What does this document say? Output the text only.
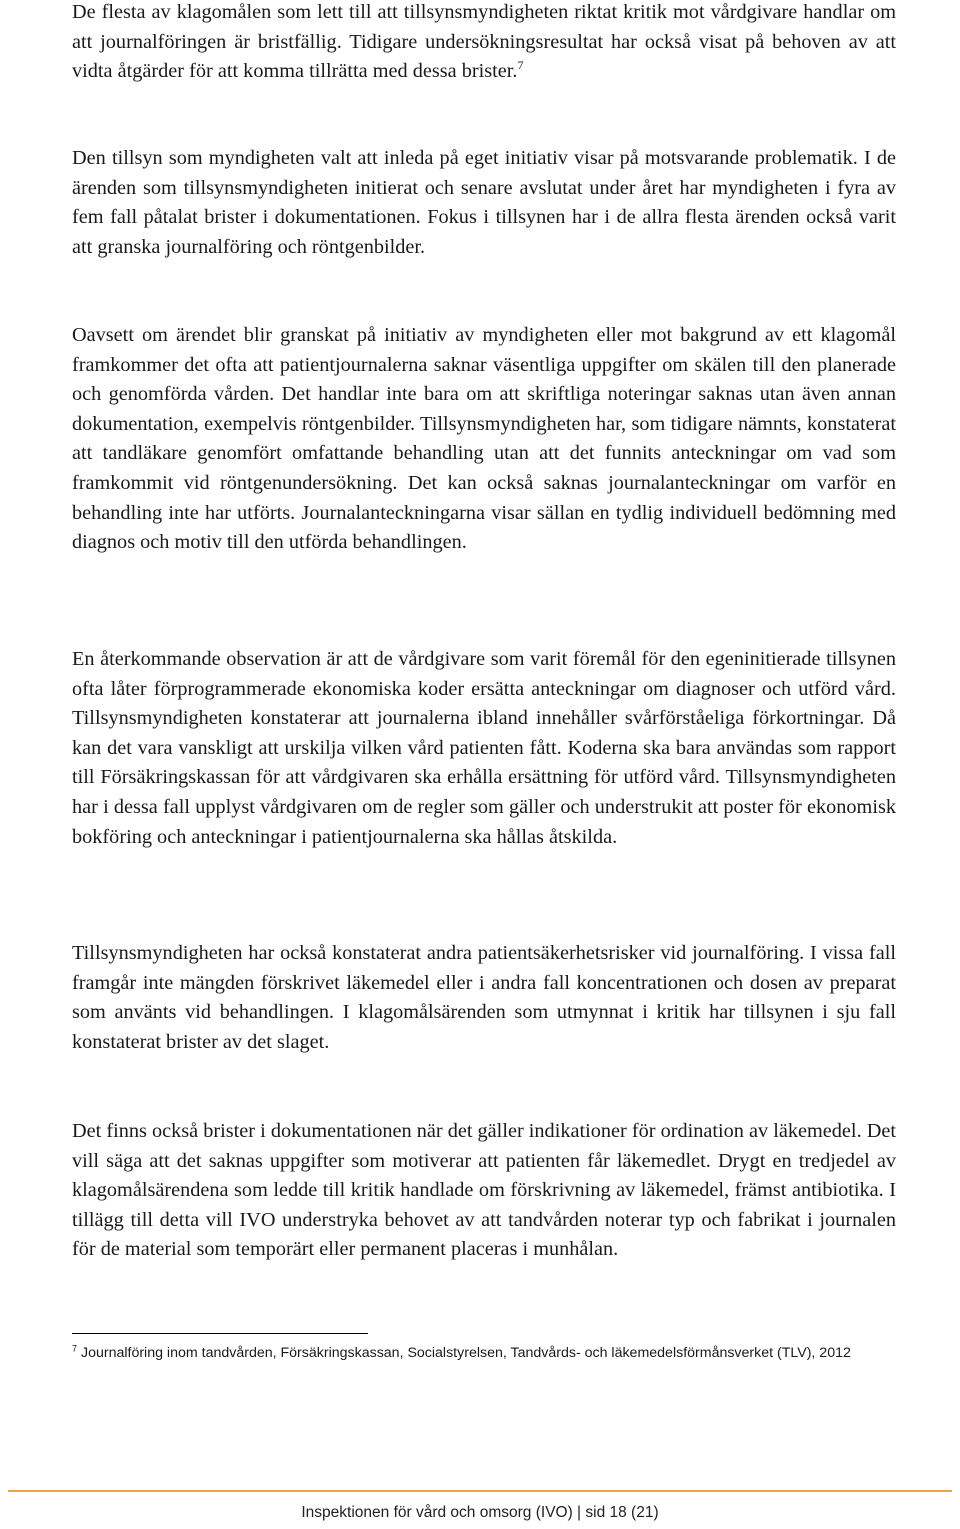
De flesta av klagomålen som lett till att tillsynsmyndigheten riktat kritik mot vårdgivare handlar om att journalföringen är bristfällig. Tidigare undersökningsresultat har också visat på behoven av att vidta åtgärder för att komma tillrätta med dessa brister.$^7$

Den tillsyn som myndigheten valt att inleda på eget initiativ visar på motsvarande problematik. I de ärenden som tillsynsmyndigheten initierat och senare avslutat under året har myndigheten i fyra av fem fall påtalat brister i dokumentationen. Fokus i tillsynen har i de allra flesta ärenden också varit att granska journalföring och röntgenbilder.

Oavsett om ärendet blir granskat på initiativ av myndigheten eller mot bakgrund av ett klagomål framkommer det ofta att patientjournalerna saknar väsentliga uppgifter om skälen till den planerade och genomförda vården. Det handlar inte bara om att skriftliga noteringar saknas utan även annan dokumentation, exempelvis röntgenbilder. Tillsynsmyndigheten har, som tidigare nämnts, konstaterat att tandläkare genomfört omfattande behandling utan att det funnits anteckningar om vad som framkommit vid röntgenundersökning. Det kan också saknas journalanteckningar om varför en behandling inte har utförts. Journalanteckningarna visar sällan en tydlig individuell bedömning med diagnos och motiv till den utförda behandlingen.

En återkommande observation är att de vårdgivare som varit föremål för den egeninitierade tillsynen ofta låter förprogrammerade ekonomiska koder ersätta anteckningar om diagnoser och utförd vård. Tillsynsmyndigheten konstaterar att journalerna ibland innehåller svårförståeliga förkortningar. Då kan det vara vanskligt att urskilja vilken vård patienten fått. Koderna ska bara användas som rapport till Försäkringskassan för att vårdgivaren ska erhålla ersättning för utförd vård. Tillsynsmyndigheten har i dessa fall upplyst vårdgivaren om de regler som gäller och understrukit att poster för ekonomisk bokföring och anteckningar i patientjournalerna ska hållas åtskilda.

Tillsynsmyndigheten har också konstaterat andra patientsäkerhetsrisker vid journalföring. I vissa fall framgår inte mängden förskrivet läkemedel eller i andra fall koncentrationen och dosen av preparat som använts vid behandlingen. I klagomålsärenden som utmynnat i kritik har tillsynen i sju fall konstaterat brister av det slaget.

Det finns också brister i dokumentationen när det gäller indikationer för ordination av läkemedel. Det vill säga att det saknas uppgifter som motiverar att patienten får läkemedlet. Drygt en tredjedel av klagomålsärendena som ledde till kritik handlade om förskrivning av läkemedel, främst antibiotika. I tillägg till detta vill IVO understryka behovet av att tandvården noterar typ och fabrikat i journalen för de material som temporärt eller permanent placeras i munhålan.

$^7$ Journalföring inom tandvården, Försäkringskassan, Socialstyrelsen, Tandvårds- och läkemedelsförmånsverket (TLV), 2012

Inspektionen för vård och omsorg (IVO) | sid 18 (21)
